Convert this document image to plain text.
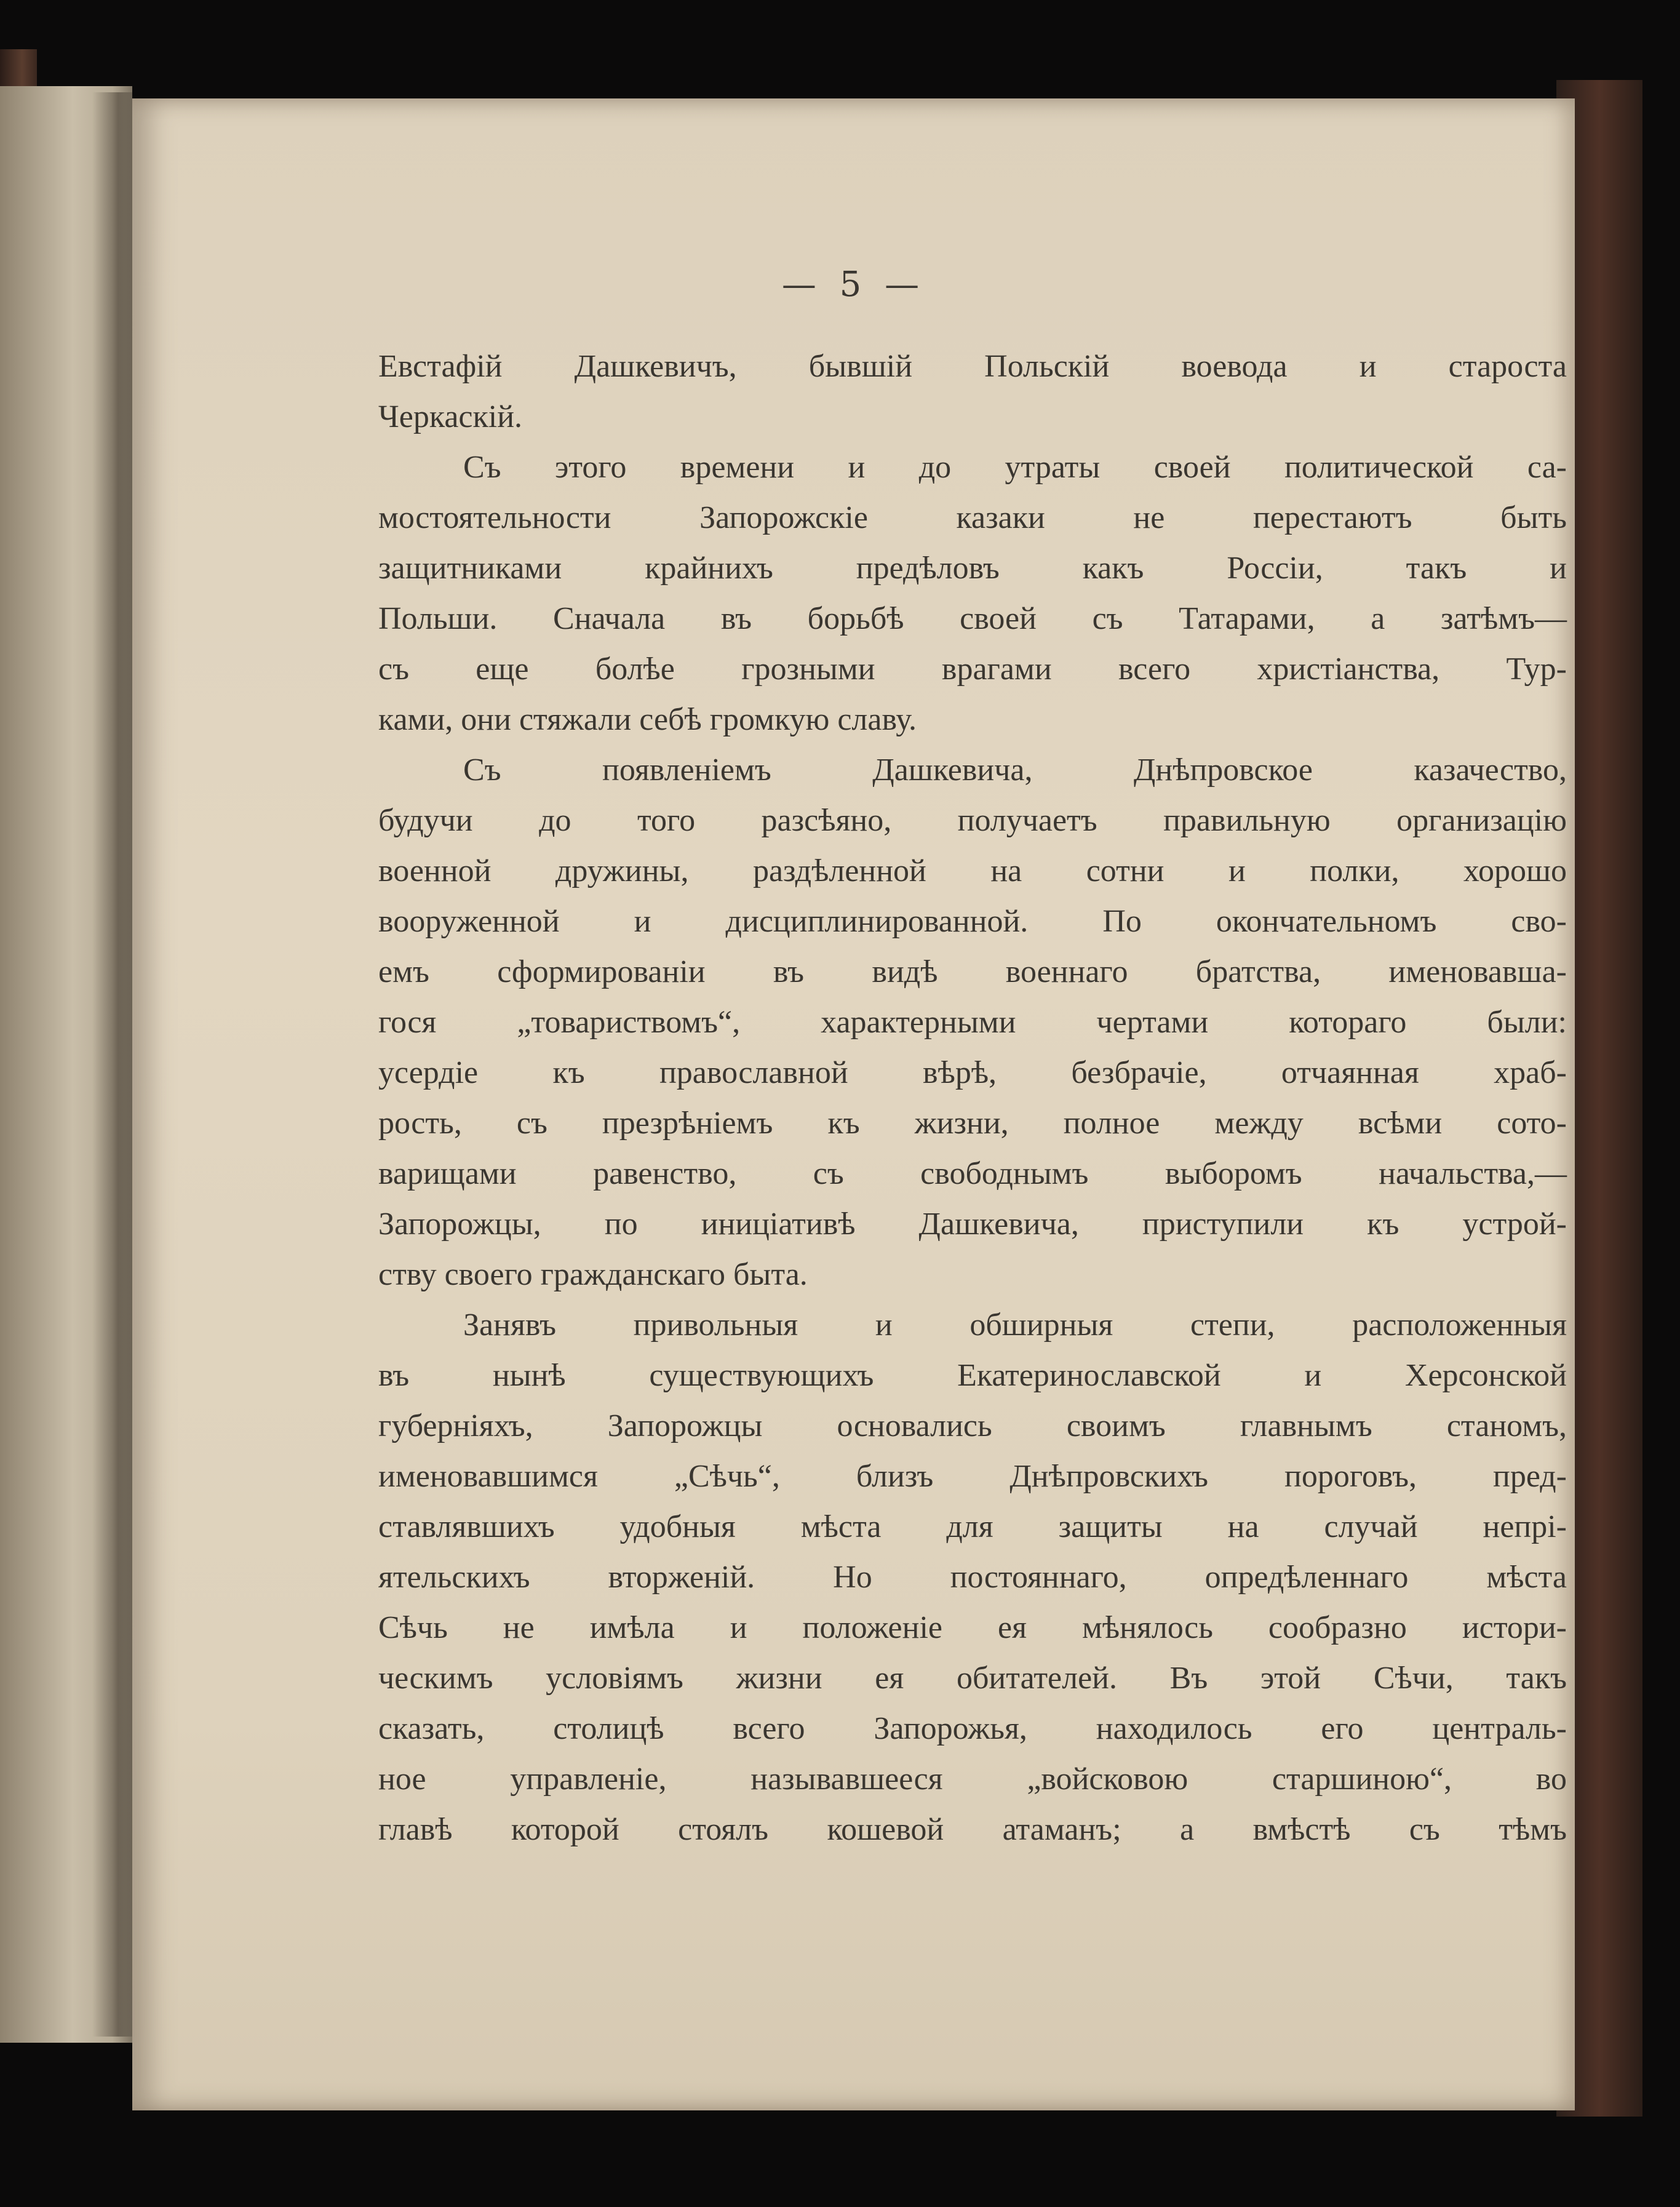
— 5 —
Евстафій Дашкевичъ, бывшій Польскій воевода и староста
Черкаскій.
Съ этого времени и до утраты своей политической са-
мостоятельности Запорожскіе казаки не перестаютъ быть
защитниками крайнихъ предѣловъ какъ Россіи, такъ и
Польши. Сначала въ борьбѣ своей съ Татарами, а затѣмъ—
съ еще болѣе грозными врагами всего христіанства, Тур-
ками, они стяжали себѣ громкую славу.
Съ появленіемъ Дашкевича, Днѣпровское казачество,
будучи до того разсѣяно, получаетъ правильную организацію
военной дружины, раздѣленной на сотни и полки, хорошо
вооруженной и дисциплинированной. По окончательномъ сво-
емъ сформированіи въ видѣ военнаго братства, именовавша-
гося „товариствомъ“, характерными чертами котораго были:
усердіе къ православной вѣрѣ, безбрачіе, отчаянная храб-
рость, съ презрѣніемъ къ жизни, полное между всѣми сото-
варищами равенство, съ свободнымъ выборомъ начальства,—
Запорожцы, по иниціативѣ Дашкевича, приступили къ устрой-
ству своего гражданскаго быта.
Занявъ привольныя и обширныя степи, расположенныя
въ нынѣ существующихъ Екатеринославской и Херсонской
губерніяхъ, Запорожцы основались своимъ главнымъ станомъ,
именовавшимся „Сѣчь“, близъ Днѣпровскихъ пороговъ, пред-
ставлявшихъ удобныя мѣста для защиты на случай непрі-
ятельскихъ вторженій. Но постояннаго, опредѣленнаго мѣста
Сѣчь не имѣла и положеніе ея мѣнялось сообразно истори-
ческимъ условіямъ жизни ея обитателей. Въ этой Сѣчи, такъ
сказать, столицѣ всего Запорожья, находилось его централь-
ное управленіе, называвшееся „войсковою старшиною“, во
главѣ которой стоялъ кошевой атаманъ; а вмѣстѣ съ тѣмъ
